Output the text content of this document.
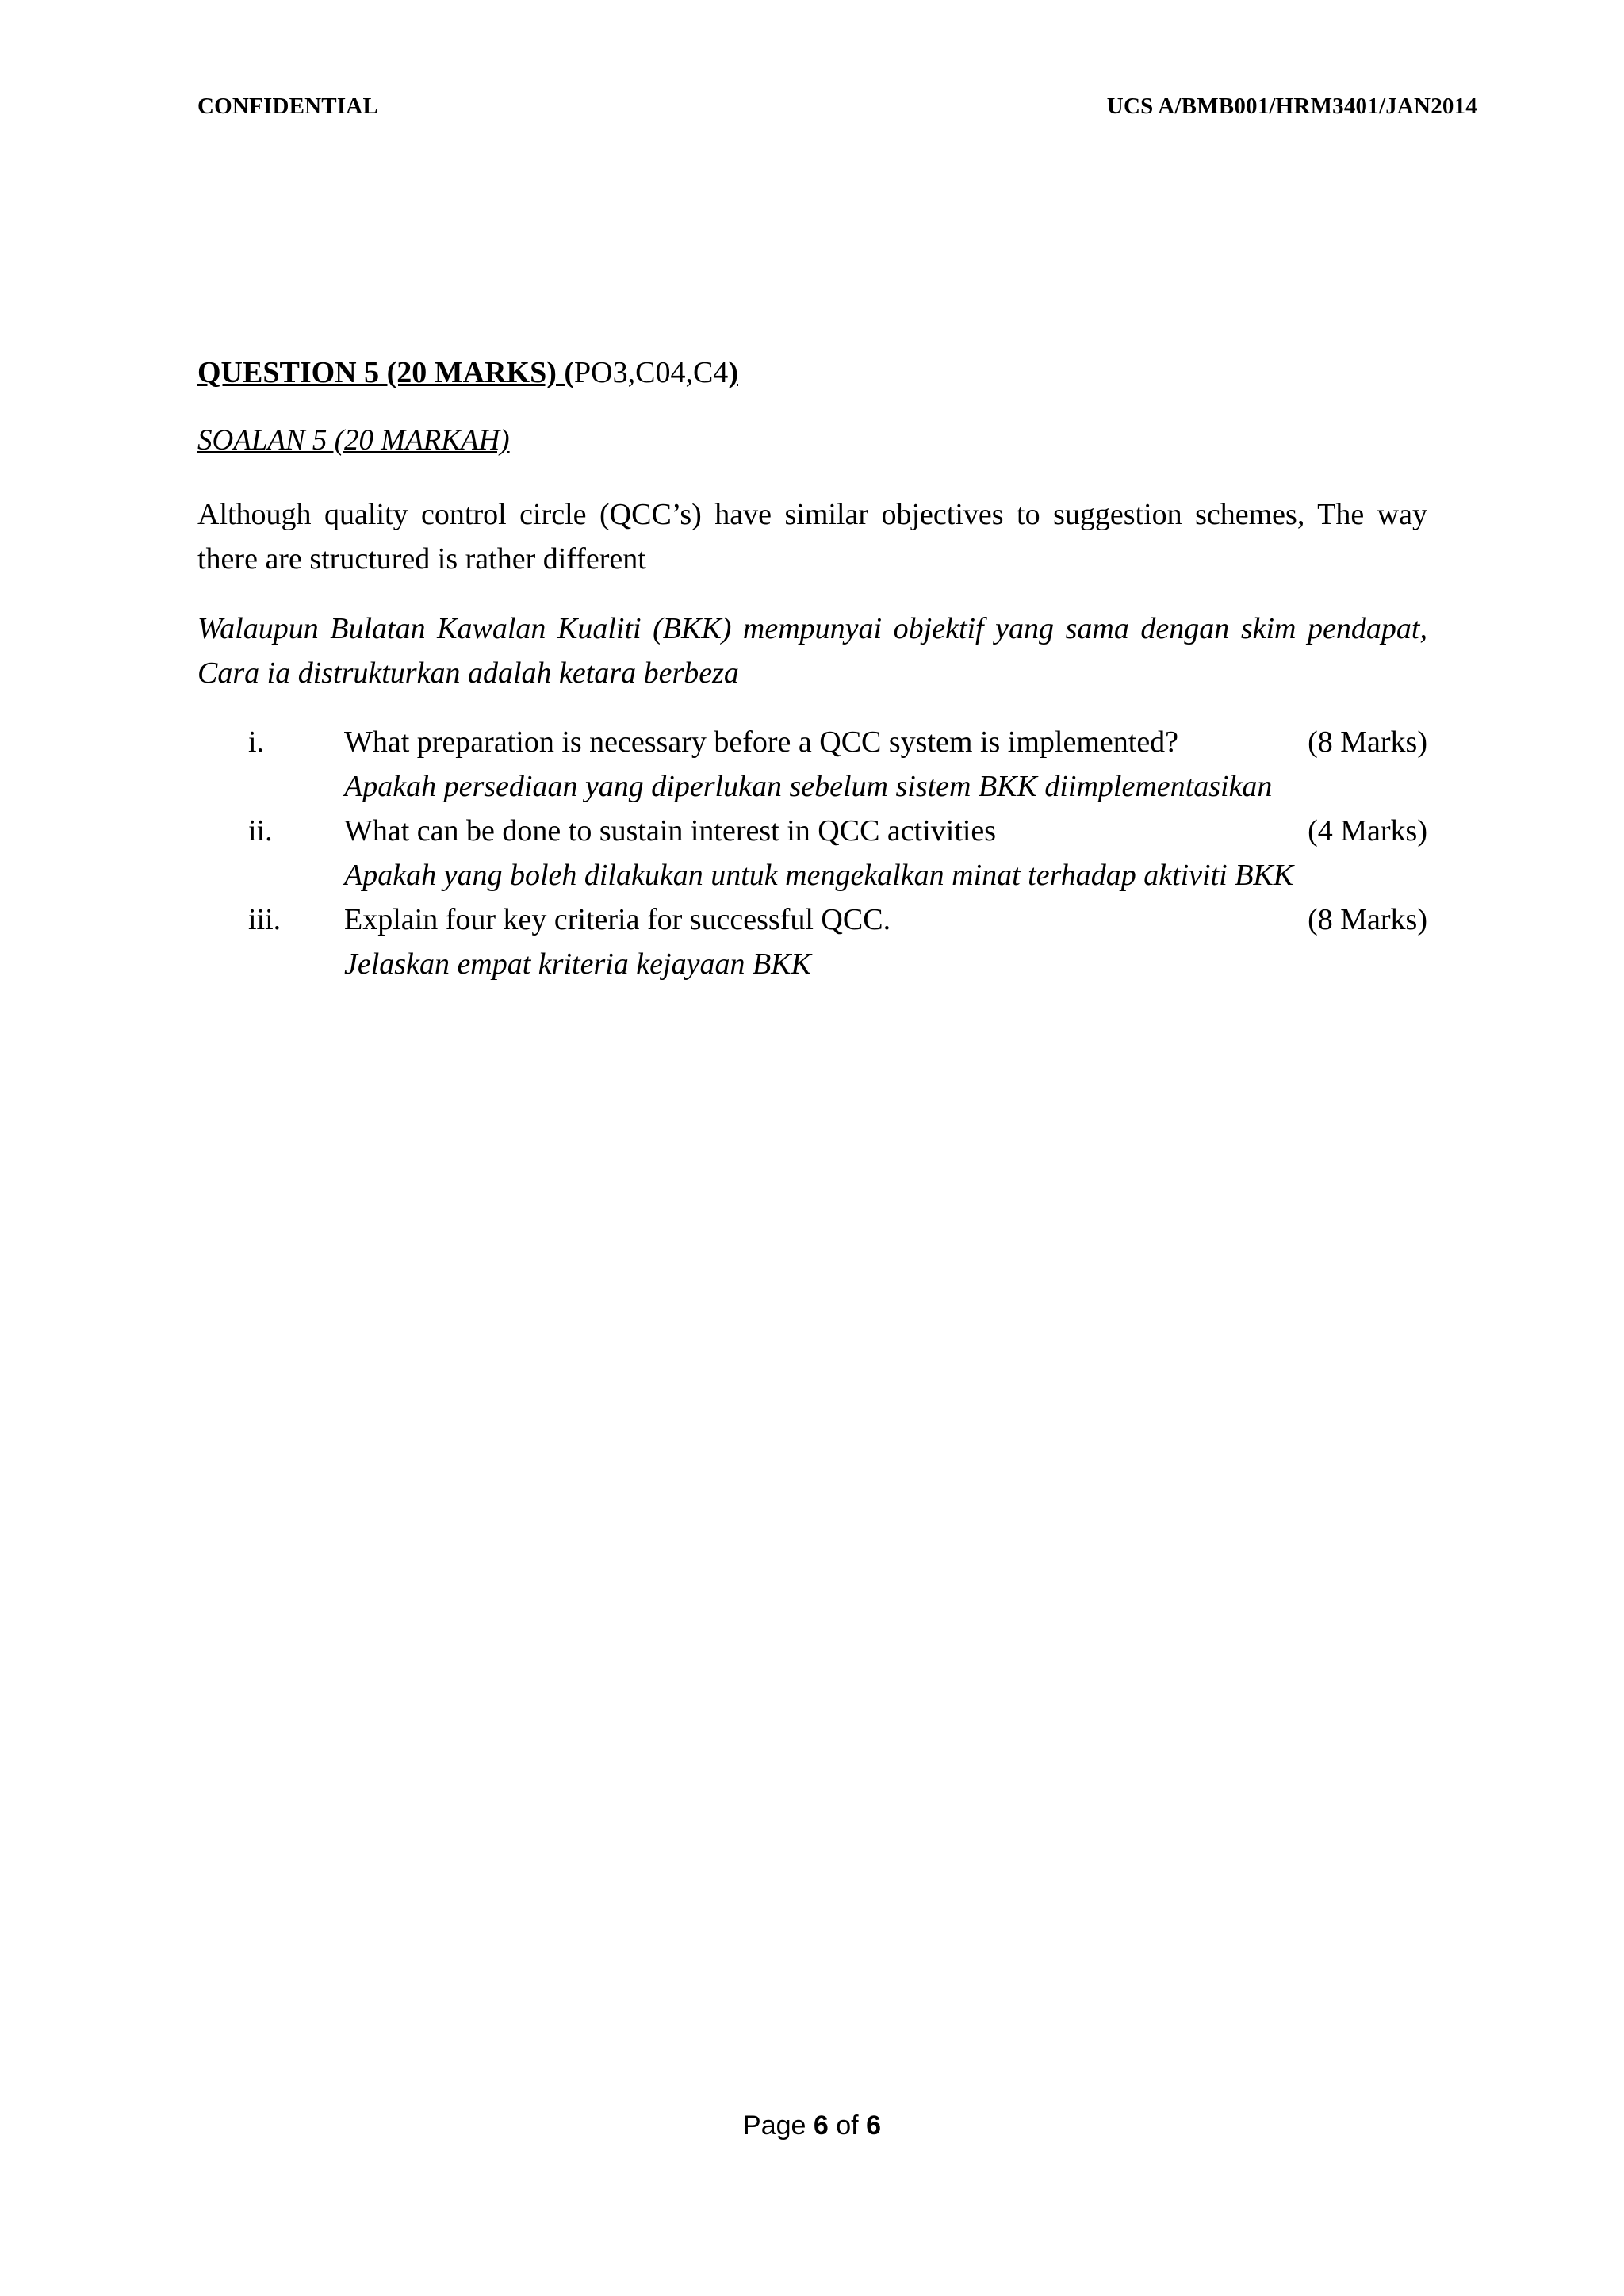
CONFIDENTIAL	UCS A/BMB001/HRM3401/JAN2014
QUESTION 5 (20 MARKS) (PO3,C04,C4)
SOALAN 5 (20 MARKAH)
Although quality control circle (QCC’s) have similar objectives to suggestion schemes, The way there are structured is rather different
Walaupun Bulatan Kawalan Kualiti (BKK) mempunyai objektif yang sama dengan skim pendapat, Cara ia distrukturkan adalah ketara berbeza
i.	What preparation is necessary before a QCC system is implemented?	(8 Marks)
Apakah persediaan yang diperlukan sebelum sistem BKK diimplementasikan
ii. What can be done to sustain interest in QCC activities	(4 Marks)
Apakah yang boleh dilakukan untuk mengekalkan minat terhadap aktiviti BKK
iii. Explain four key criteria for successful QCC.	(8 Marks)
Jelaskan empat kriteria kejayaan BKK
Page 6 of 6
